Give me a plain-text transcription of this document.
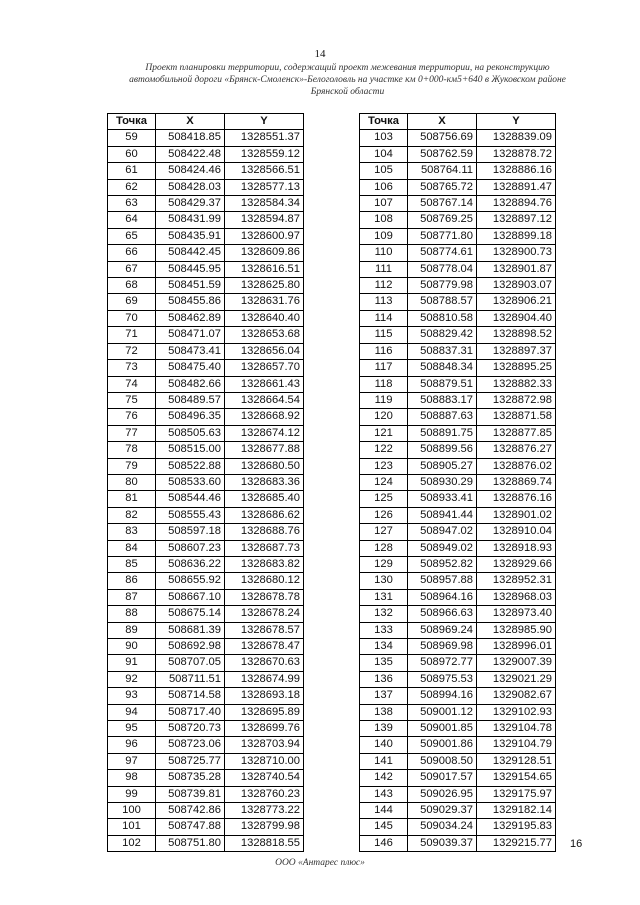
14
Проект планировки территории, содержащий проект межевания территории, на реконструкцию
автомобильной дороги «Брянск-Смоленск»-Белоголовль на участке км 0+000-км5+640 в Жуковском районе
Брянской области
Точка	X	Y
59	508418.85	1328551.37
60	508422.48	1328559.12
61	508424.46	1328566.51
62	508428.03	1328577.13
63	508429.37	1328584.34
64	508431.99	1328594.87
65	508435.91	1328600.97
66	508442.45	1328609.86
67	508445.95	1328616.51
68	508451.59	1328625.80
69	508455.86	1328631.76
70	508462.89	1328640.40
71	508471.07	1328653.68
72	508473.41	1328656.04
73	508475.40	1328657.70
74	508482.66	1328661.43
75	508489.57	1328664.54
76	508496.35	1328668.92
77	508505.63	1328674.12
78	508515.00	1328677.88
79	508522.88	1328680.50
80	508533.60	1328683.36
81	508544.46	1328685.40
82	508555.43	1328686.62
83	508597.18	1328688.76
84	508607.23	1328687.73
85	508636.22	1328683.82
86	508655.92	1328680.12
87	508667.10	1328678.78
88	508675.14	1328678.24
89	508681.39	1328678.57
90	508692.98	1328678.47
91	508707.05	1328670.63
92	508711.51	1328674.99
93	508714.58	1328693.18
94	508717.40	1328695.89
95	508720.73	1328699.76
96	508723.06	1328703.94
97	508725.77	1328710.00
98	508735.28	1328740.54
99	508739.81	1328760.23
100	508742.86	1328773.22
101	508747.88	1328799.98
102	508751.80	1328818.55
Точка	X	Y
103	508756.69	1328839.09
104	508762.59	1328878.72
105	508764.11	1328886.16
106	508765.72	1328891.47
107	508767.14	1328894.76
108	508769.25	1328897.12
109	508771.80	1328899.18
110	508774.61	1328900.73
111	508778.04	1328901.87
112	508779.98	1328903.07
113	508788.57	1328906.21
114	508810.58	1328904.40
115	508829.42	1328898.52
116	508837.31	1328897.37
117	508848.34	1328895.25
118	508879.51	1328882.33
119	508883.17	1328872.98
120	508887.63	1328871.58
121	508891.75	1328877.85
122	508899.56	1328876.27
123	508905.27	1328876.02
124	508930.29	1328869.74
125	508933.41	1328876.16
126	508941.44	1328901.02
127	508947.02	1328910.04
128	508949.02	1328918.93
129	508952.82	1328929.66
130	508957.88	1328952.31
131	508964.16	1328968.03
132	508966.63	1328973.40
133	508969.24	1328985.90
134	508969.98	1328996.01
135	508972.77	1329007.39
136	508975.53	1329021.29
137	508994.16	1329082.67
138	509001.12	1329102.93
139	509001.85	1329104.78
140	509001.86	1329104.79
141	509008.50	1329128.51
142	509017.57	1329154.65
143	509026.95	1329175.97
144	509029.37	1329182.14
145	509034.24	1329195.83
146	509039.37	1329215.77 16
ООО «Антарес плюс»
